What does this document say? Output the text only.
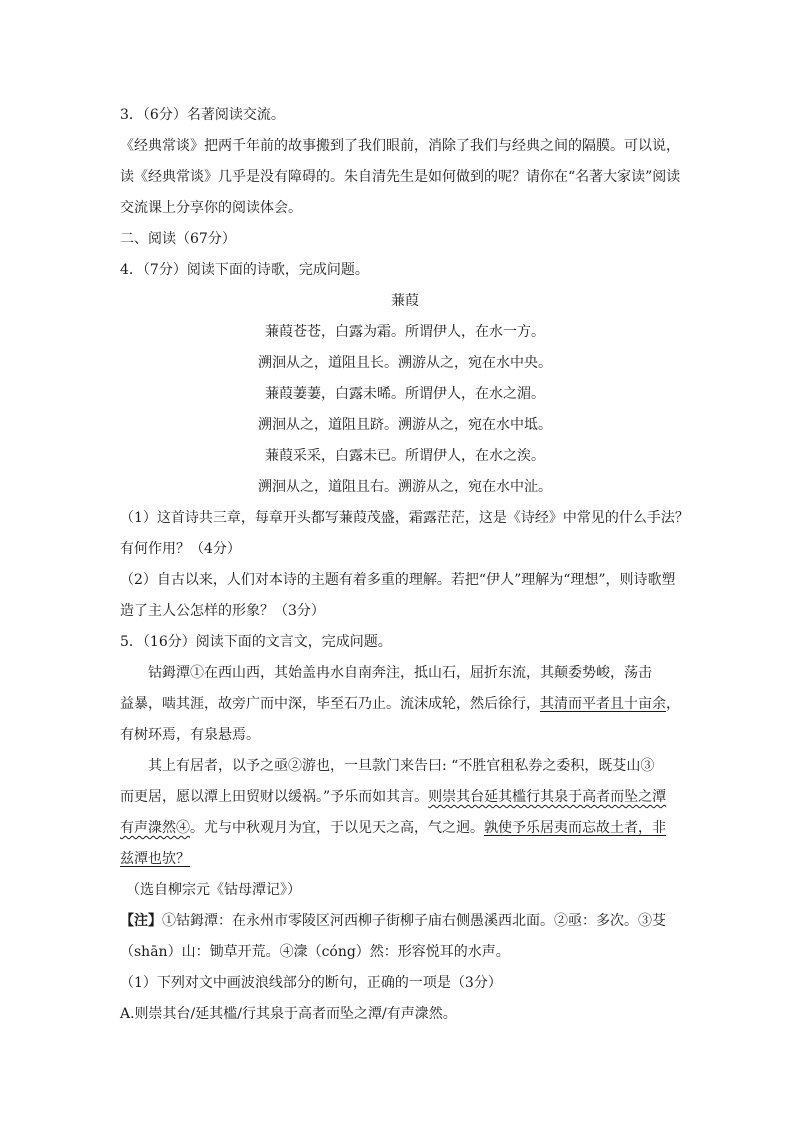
3．（6分）名著阅读交流。
《经典常谈》把两千年前的故事搬到了我们眼前，消除了我们与经典之间的隔膜。可以说，
读《经典常谈》几乎是没有障碍的。朱自清先生是如何做到的呢？请你在“名著大家读”阅读
交流课上分享你的阅读体会。
二、阅读（67分）
4．（7分）阅读下面的诗歌，完成问题。
蒹葭
蒹葭苍苍，白露为霜。所谓伊人，在水一方。
溯洄从之，道阻且长。溯游从之，宛在水中央。
蒹葭萋萋，白露未晞。所谓伊人，在水之湄。
溯洄从之，道阻且跻。溯游从之，宛在水中坻。
蒹葭采采，白露未已。所谓伊人，在水之涘。
溯洄从之，道阻且右。溯游从之，宛在水中沚。
（1）这首诗共三章，每章开头都写蒹葭茂盛，霜露茫茫，这是《诗经》中常见的什么手法？
有何作用？（4分）
（2）自古以来，人们对本诗的主题有着多重的理解。若把“伊人”理解为“理想”，则诗歌塑
造了主人公怎样的形象？（3分）
5．（16分）阅读下面的文言文，完成问题。
钴鉧潭①在西山西，其始盖冉水自南奔注，抵山石，屈折东流，其颠委势峻，荡击
益暴，啮其涯，故旁广而中深，毕至石乃止。流沫成轮，然后徐行，其清而平者且十亩余，
有树环焉，有泉悬焉。
其上有居者，以予之亟②游也，一旦款门来告曰: “不胜官租私券之委积，既芟山③
而更居，愿以潭上田贸财以缓祸。”予乐而如其言。则崇其台延其槛行其泉于高者而坠之潭
有声潨然④。尤与中秋观月为宜，于以见天之高，气之迥。孰使予乐居夷而忘故土者，非
兹潭也欤？
（选自柳宗元《钴母潭记》）
【注】①钴鉧潭：在永州市零陵区河西柳子街柳子庙右侧愚溪西北面。②亟：多次。③芟
（shān）山：锄草开荒。④潨（cóng）然：形容悦耳的水声。
（1）下列对文中画波浪线部分的断句，正确的一项是（3分）
A.则崇其台/延其槛/行其泉于高者而坠之潭/有声潨然。
